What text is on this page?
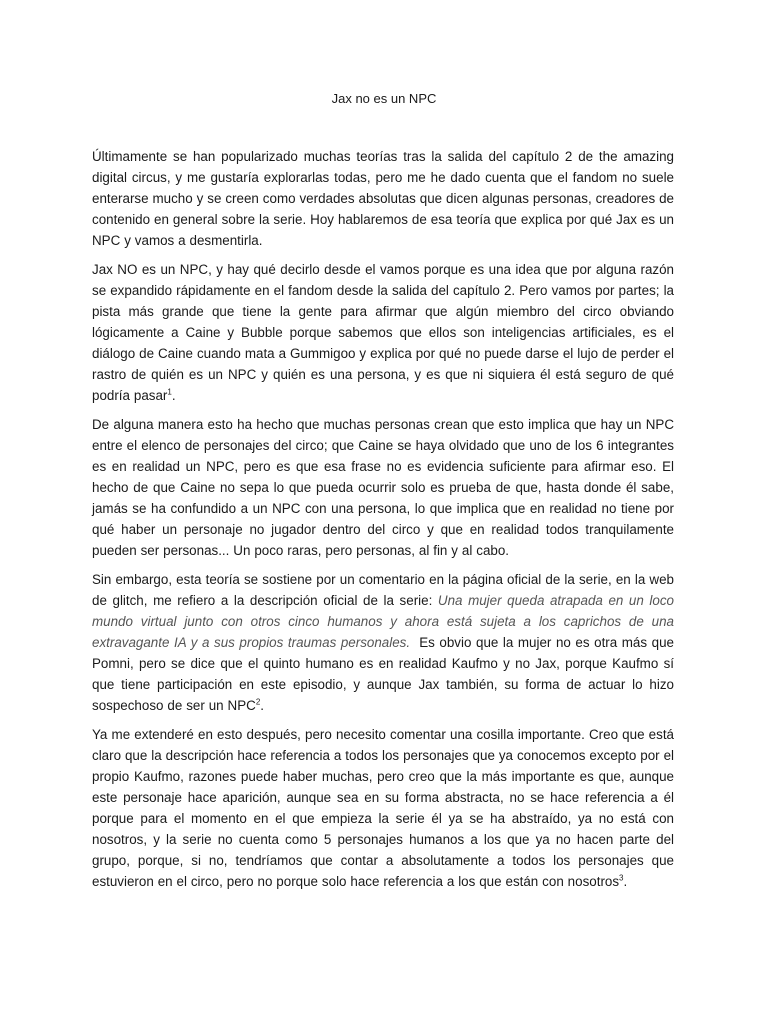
Jax no es un NPC

Últimamente se han popularizado muchas teorías tras la salida del capítulo 2 de the amazing digital circus, y me gustaría explorarlas todas, pero me he dado cuenta que el fandom no suele enterarse mucho y se creen como verdades absolutas que dicen algunas personas, creadores de contenido en general sobre la serie. Hoy hablaremos de esa teoría que explica por qué Jax es un NPC y vamos a desmentirla.

Jax NO es un NPC, y hay qué decirlo desde el vamos porque es una idea que por alguna razón se expandido rápidamente en el fandom desde la salida del capítulo 2. Pero vamos por partes; la pista más grande que tiene la gente para afirmar que algún miembro del circo obviando lógicamente a Caine y Bubble porque sabemos que ellos son inteligencias artificiales, es el diálogo de Caine cuando mata a Gummigoo y explica por qué no puede darse el lujo de perder el rastro de quién es un NPC y quién es una persona, y es que ni siquiera él está seguro de qué podría pasar$^1$.

De alguna manera esto ha hecho que muchas personas crean que esto implica que hay un NPC entre el elenco de personajes del circo; que Caine se haya olvidado que uno de los 6 integrantes es en realidad un NPC, pero es que esa frase no es evidencia suficiente para afirmar eso. El hecho de que Caine no sepa lo que pueda ocurrir solo es prueba de que, hasta donde él sabe, jamás se ha confundido a un NPC con una persona, lo que implica que en realidad no tiene por qué haber un personaje no jugador dentro del circo y que en realidad todos tranquilamente pueden ser personas... Un poco raras, pero personas, al fin y al cabo.

Sin embargo, esta teoría se sostiene por un comentario en la página oficial de la serie, en la web de glitch, me refiero a la descripción oficial de la serie: Una mujer queda atrapada en un loco mundo virtual junto con otros cinco humanos y ahora está sujeta a los caprichos de una extravagante IA y a sus propios traumas personales.  Es obvio que la mujer no es otra más que Pomni, pero se dice que el quinto humano es en realidad Kaufmo y no Jax, porque Kaufmo sí que tiene participación en este episodio, y aunque Jax también, su forma de actuar lo hizo sospechoso de ser un NPC$^2$.

Ya me extenderé en esto después, pero necesito comentar una cosilla importante. Creo que está claro que la descripción hace referencia a todos los personajes que ya conocemos excepto por el propio Kaufmo, razones puede haber muchas, pero creo que la más importante es que, aunque este personaje hace aparición, aunque sea en su forma abstracta, no se hace referencia a él porque para el momento en el que empieza la serie él ya se ha abstraído, ya no está con nosotros, y la serie no cuenta como 5 personajes humanos a los que ya no hacen parte del grupo, porque, si no, tendríamos que contar a absolutamente a todos los personajes que estuvieron en el circo, pero no porque solo hace referencia a los que están con nosotros$^3$.
